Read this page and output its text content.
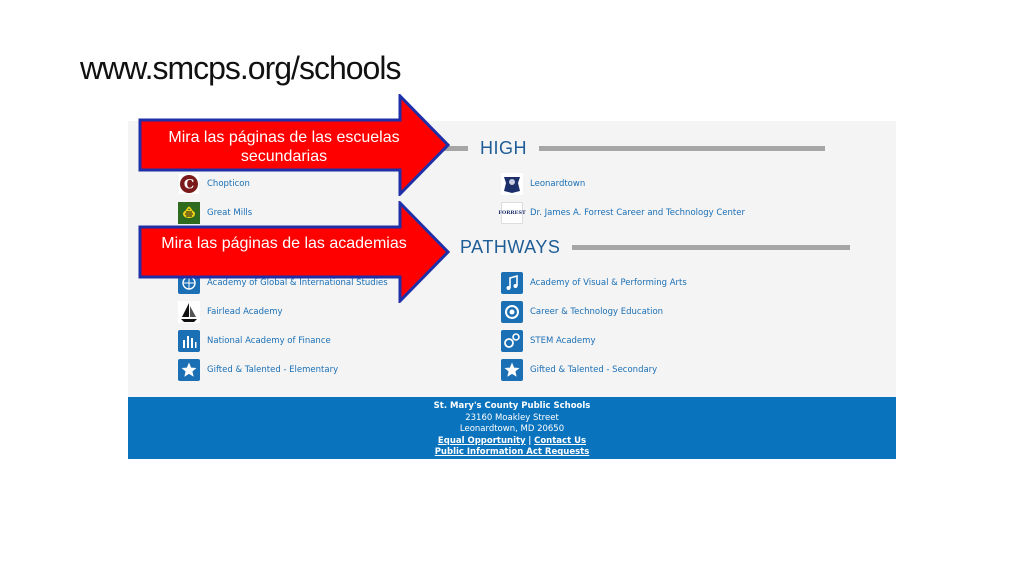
www.smcps.org/schools
HIGH
C Chopticon
Great Mills
Leonardtown
FORREST Dr. James A. Forrest Career and Technology Center
PATHWAYS
Academy of Global & International Studies
Fairlead Academy
National Academy of Finance
Gifted & Talented - Elementary
Academy of Visual & Performing Arts
Career & Technology Education
STEM Academy
Gifted & Talented - Secondary
St. Mary's County Public Schools
23160 Moakley Street
Leonardtown, MD 20650
Equal Opportunity | Contact Us
Public Information Act Requests
Mira las páginas de las escuelas secundarias
Mira las páginas de las academias
